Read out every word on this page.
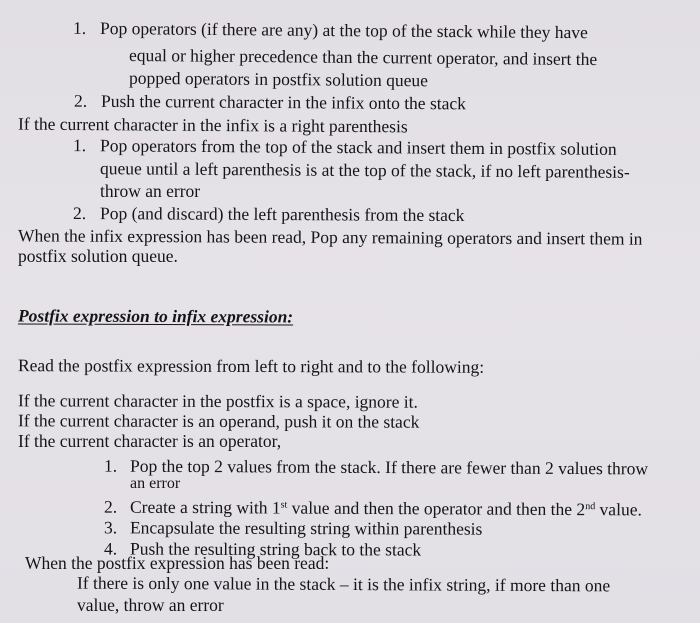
1. Pop operators (if there are any) at the top of the stack while they have
equal or higher precedence than the current operator, and insert the
popped operators in postfix solution queue
2. Push the current character in the infix onto the stack
If the current character in the infix is a right parenthesis
1. Pop operators from the top of the stack and insert them in postfix solution
queue until a left parenthesis is at the top of the stack, if no left parenthesis-
throw an error
2. Pop (and discard) the left parenthesis from the stack
When the infix expression has been read, Pop any remaining operators and insert them in
postfix solution queue.
Postfix expression to infix expression:
Read the postfix expression from left to right and to the following:
If the current character in the postfix is a space, ignore it.
If the current character is an operand, push it on the stack
If the current character is an operator,
1. Pop the top 2 values from the stack. If there are fewer than 2 values throw
an error
2. Create a string with 1st value and then the operator and then the 2nd value.
3. Encapsulate the resulting string within parenthesis
4. Push the resulting string back to the stack
When the postfix expression has been read:
If there is only one value in the stack – it is the infix string, if more than one
value, throw an error
